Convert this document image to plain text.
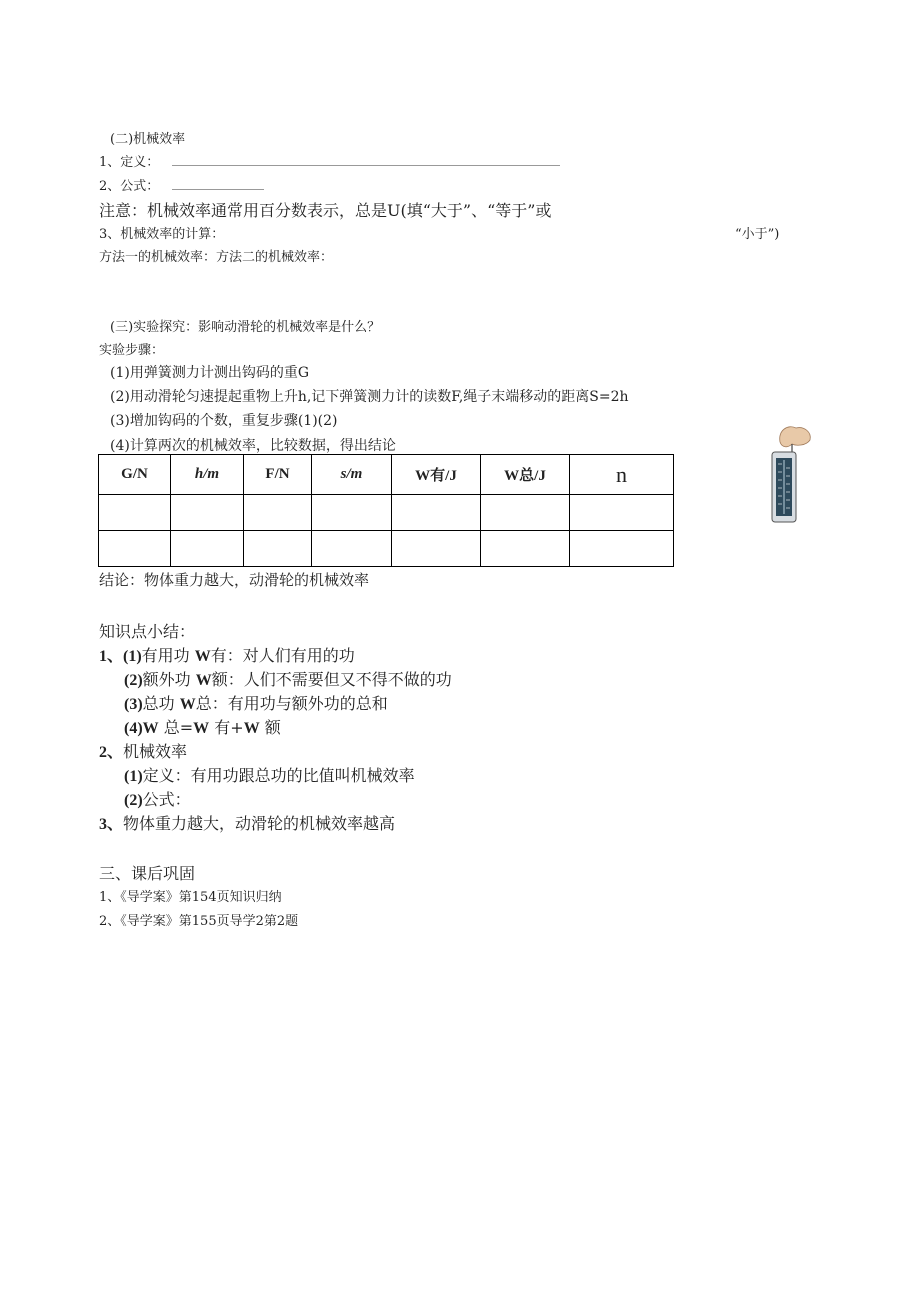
(二)机械效率
1、定义：
2、公式：
注意：机械效率通常用百分数表示，总是U(填“大于”、“等于”或
3、机械效率的计算：	“小于”)
方法一的机械效率：方法二的机械效率：
(三)实验探究：影响动滑轮的机械效率是什么？
实验步骤：
(1)用弹簧测力计测出钩码的重G
(2)用动滑轮匀速提起重物上升h,记下弹簧测力计的读数F,绳子末端移动的距离S=2h
(3)增加钩码的个数，重复步骤(1)(2)
(4)计算两次的机械效率，比较数据，得出结论
G/N	h/m	F/N	s/m	W有/J	W总/J	n

结论：物体重力越大，动滑轮的机械效率
知识点小结：
1、(1)有用功 W有：对人们有用的功
(2)额外功 W额：人们不需要但又不得不做的功
(3)总功 W总：有用功与额外功的总和
(4)W 总=W 有+W 额
2、机械效率
(1)定义：有用功跟总功的比值叫机械效率
(2)公式：
3、物体重力越大，动滑轮的机械效率越高
三、课后巩固
1、《导学案》第154页知识归纳
2、《导学案》第155页导学2第2题
